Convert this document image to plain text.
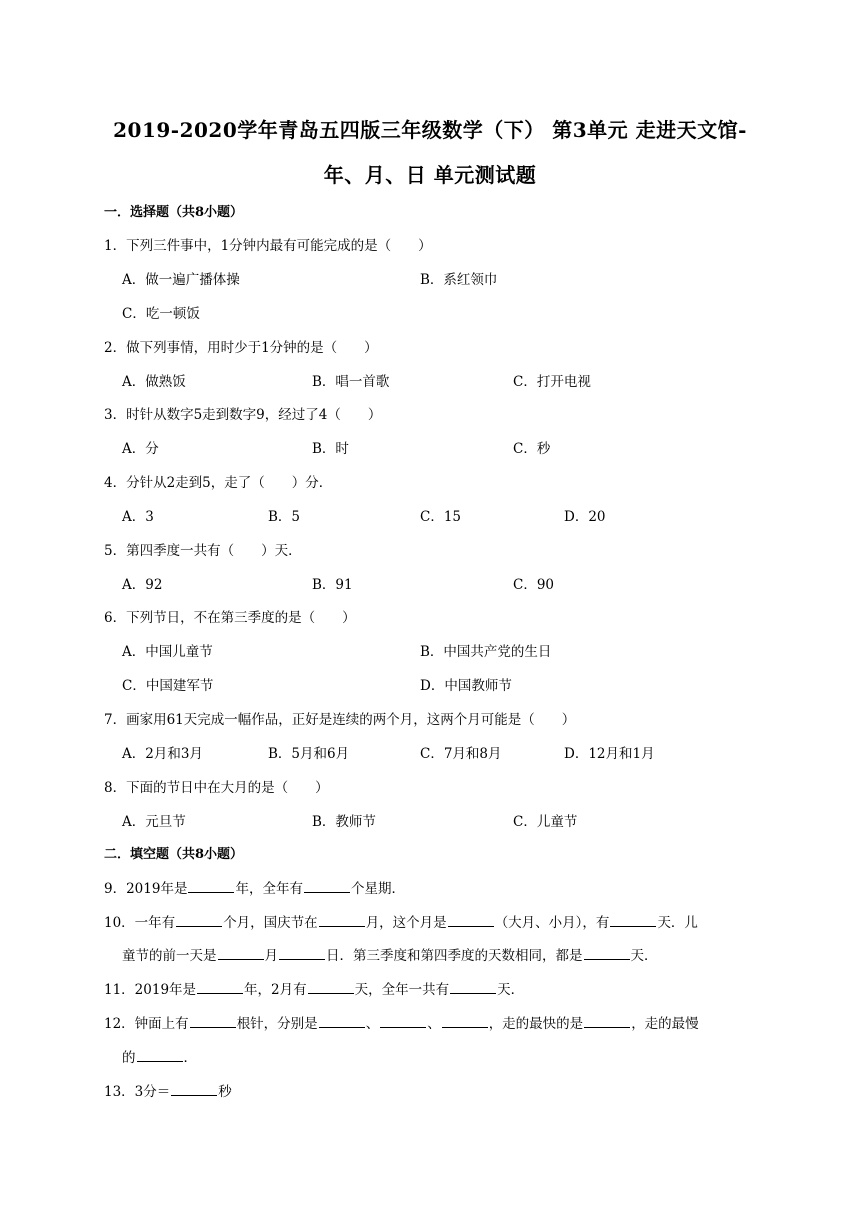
2019-2020学年青岛五四版三年级数学（下） 第3单元 走进天文馆-
年、月、日 单元测试题
一．选择题（共8小题）
1．下列三件事中，1分钟内最有可能完成的是（　　）
A．做一遍广播体操	B．系红领巾
C．吃一顿饭
2．做下列事情，用时少于1分钟的是（　　）
A．做熟饭	B．唱一首歌	C．打开电视
3．时针从数字5走到数字9，经过了4（　　）
A．分	B．时	C．秒
4．分针从2走到5，走了（　　）分．
A．3	B．5	C．15	D．20
5．第四季度一共有（　　）天．
A．92	B．91	C．90
6．下列节日，不在第三季度的是（　　）
A．中国儿童节	B．中国共产党的生日
C．中国建军节	D．中国教师节
7．画家用61天完成一幅作品，正好是连续的两个月，这两个月可能是（　　）
A．2月和3月	B．5月和6月	C．7月和8月	D．12月和1月
8．下面的节日中在大月的是（　　）
A．元旦节	B．教师节	C．儿童节
二．填空题（共8小题）
9．2019年是	年，全年有	个星期．
10．一年有	个月，国庆节在	月，这个月是	（大月、小月），有	天．儿
童节的前一天是	月	日．第三季度和第四季度的天数相同，都是	天．
11．2019年是	年，2月有	天，全年一共有	天．
12．钟面上有	根针，分别是	、	、	，走的最快的是	，走的最慢
的	．
13．3分＝	秒
